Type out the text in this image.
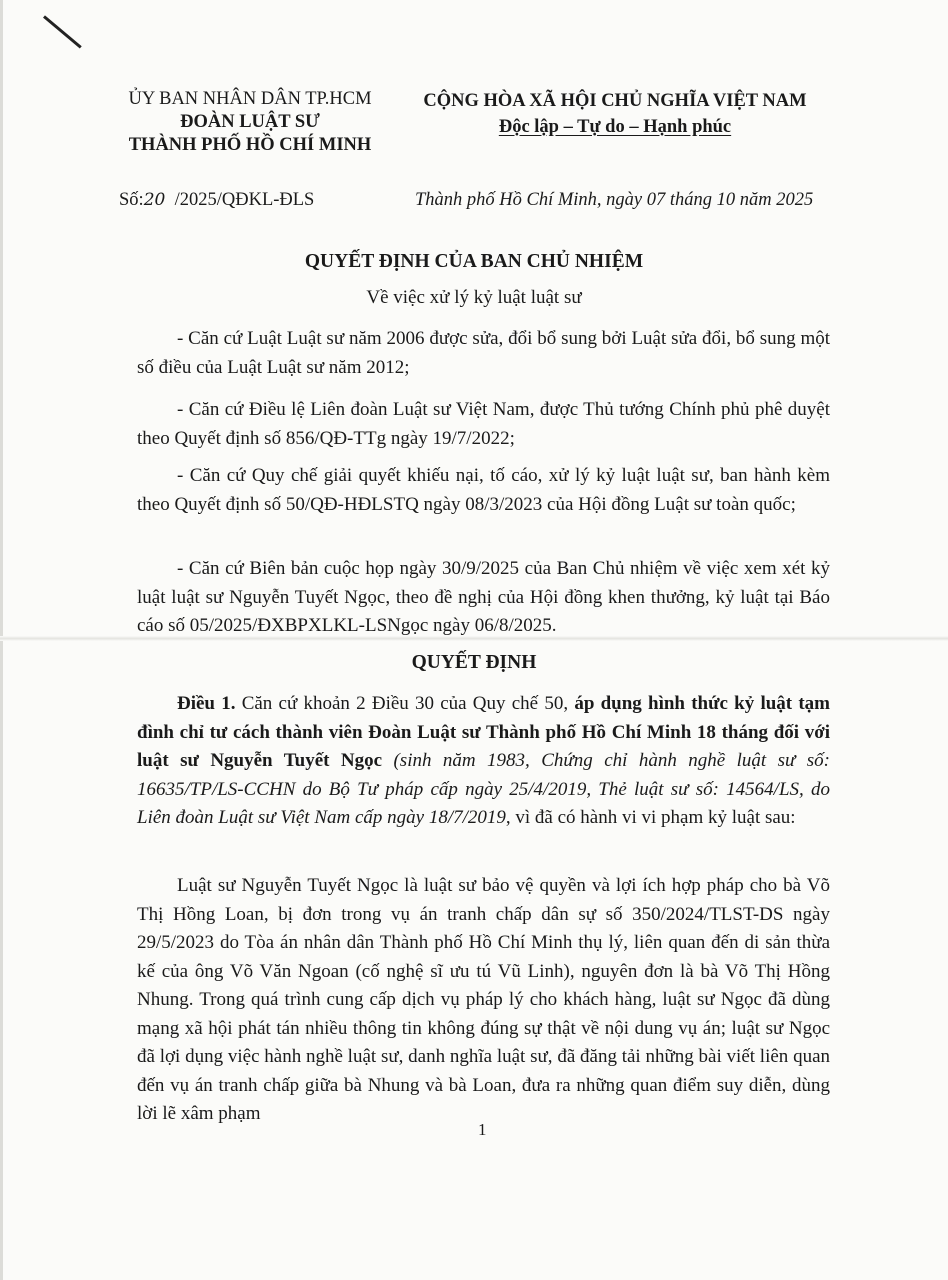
ỦY BAN NHÂN DÂN TP.HCM
ĐOÀN LUẬT SƯ
THÀNH PHỐ HỒ CHÍ MINH
CỘNG HÒA XÃ HỘI CHỦ NGHĨA VIỆT NAM
Độc lập – Tự do – Hạnh phúc
Số:20 /2025/QĐKL-ĐLS	Thành phố Hồ Chí Minh, ngày 07 tháng 10 năm 2025
QUYẾT ĐỊNH CỦA BAN CHỦ NHIỆM
Về việc xử lý kỷ luật luật sư

- Căn cứ Luật Luật sư năm 2006 được sửa, đổi bổ sung bởi Luật sửa đổi, bổ sung một số điều của Luật Luật sư năm 2012;

- Căn cứ Điều lệ Liên đoàn Luật sư Việt Nam, được Thủ tướng Chính phủ phê duyệt theo Quyết định số 856/QĐ-TTg ngày 19/7/2022;

- Căn cứ Quy chế giải quyết khiếu nại, tố cáo, xử lý kỷ luật luật sư, ban hành kèm theo Quyết định số 50/QĐ-HĐLSTQ ngày 08/3/2023 của Hội đồng Luật sư toàn quốc;

- Căn cứ Biên bản cuộc họp ngày 30/9/2025 của Ban Chủ nhiệm về việc xem xét kỷ luật luật sư Nguyễn Tuyết Ngọc, theo đề nghị của Hội đồng khen thưởng, kỷ luật tại Báo cáo số 05/2025/ĐXBPXLKL-LSNgọc ngày 06/8/2025.

QUYẾT ĐỊNH

Điều 1. Căn cứ khoản 2 Điều 30 của Quy chế 50, áp dụng hình thức kỷ luật tạm đình chỉ tư cách thành viên Đoàn Luật sư Thành phố Hồ Chí Minh 18 tháng đối với luật sư Nguyễn Tuyết Ngọc (sinh năm 1983, Chứng chỉ hành nghề luật sư số: 16635/TP/LS-CCHN do Bộ Tư pháp cấp ngày 25/4/2019, Thẻ luật sư số: 14564/LS, do Liên đoàn Luật sư Việt Nam cấp ngày 18/7/2019, vì đã có hành vi vi phạm kỷ luật sau:

Luật sư Nguyễn Tuyết Ngọc là luật sư bảo vệ quyền và lợi ích hợp pháp cho bà Võ Thị Hồng Loan, bị đơn trong vụ án tranh chấp dân sự số 350/2024/TLST-DS ngày 29/5/2023 do Tòa án nhân dân Thành phố Hồ Chí Minh thụ lý, liên quan đến di sản thừa kế của ông Võ Văn Ngoan (cố nghệ sĩ ưu tú Vũ Linh), nguyên đơn là bà Võ Thị Hồng Nhung. Trong quá trình cung cấp dịch vụ pháp lý cho khách hàng, luật sư Ngọc đã dùng mạng xã hội phát tán nhiều thông tin không đúng sự thật về nội dung vụ án; luật sư Ngọc đã lợi dụng việc hành nghề luật sư, danh nghĩa luật sư, đã đăng tải những bài viết liên quan đến vụ án tranh chấp giữa bà Nhung và bà Loan, đưa ra những quan điểm suy diễn, dùng lời lẽ xâm phạm

1
